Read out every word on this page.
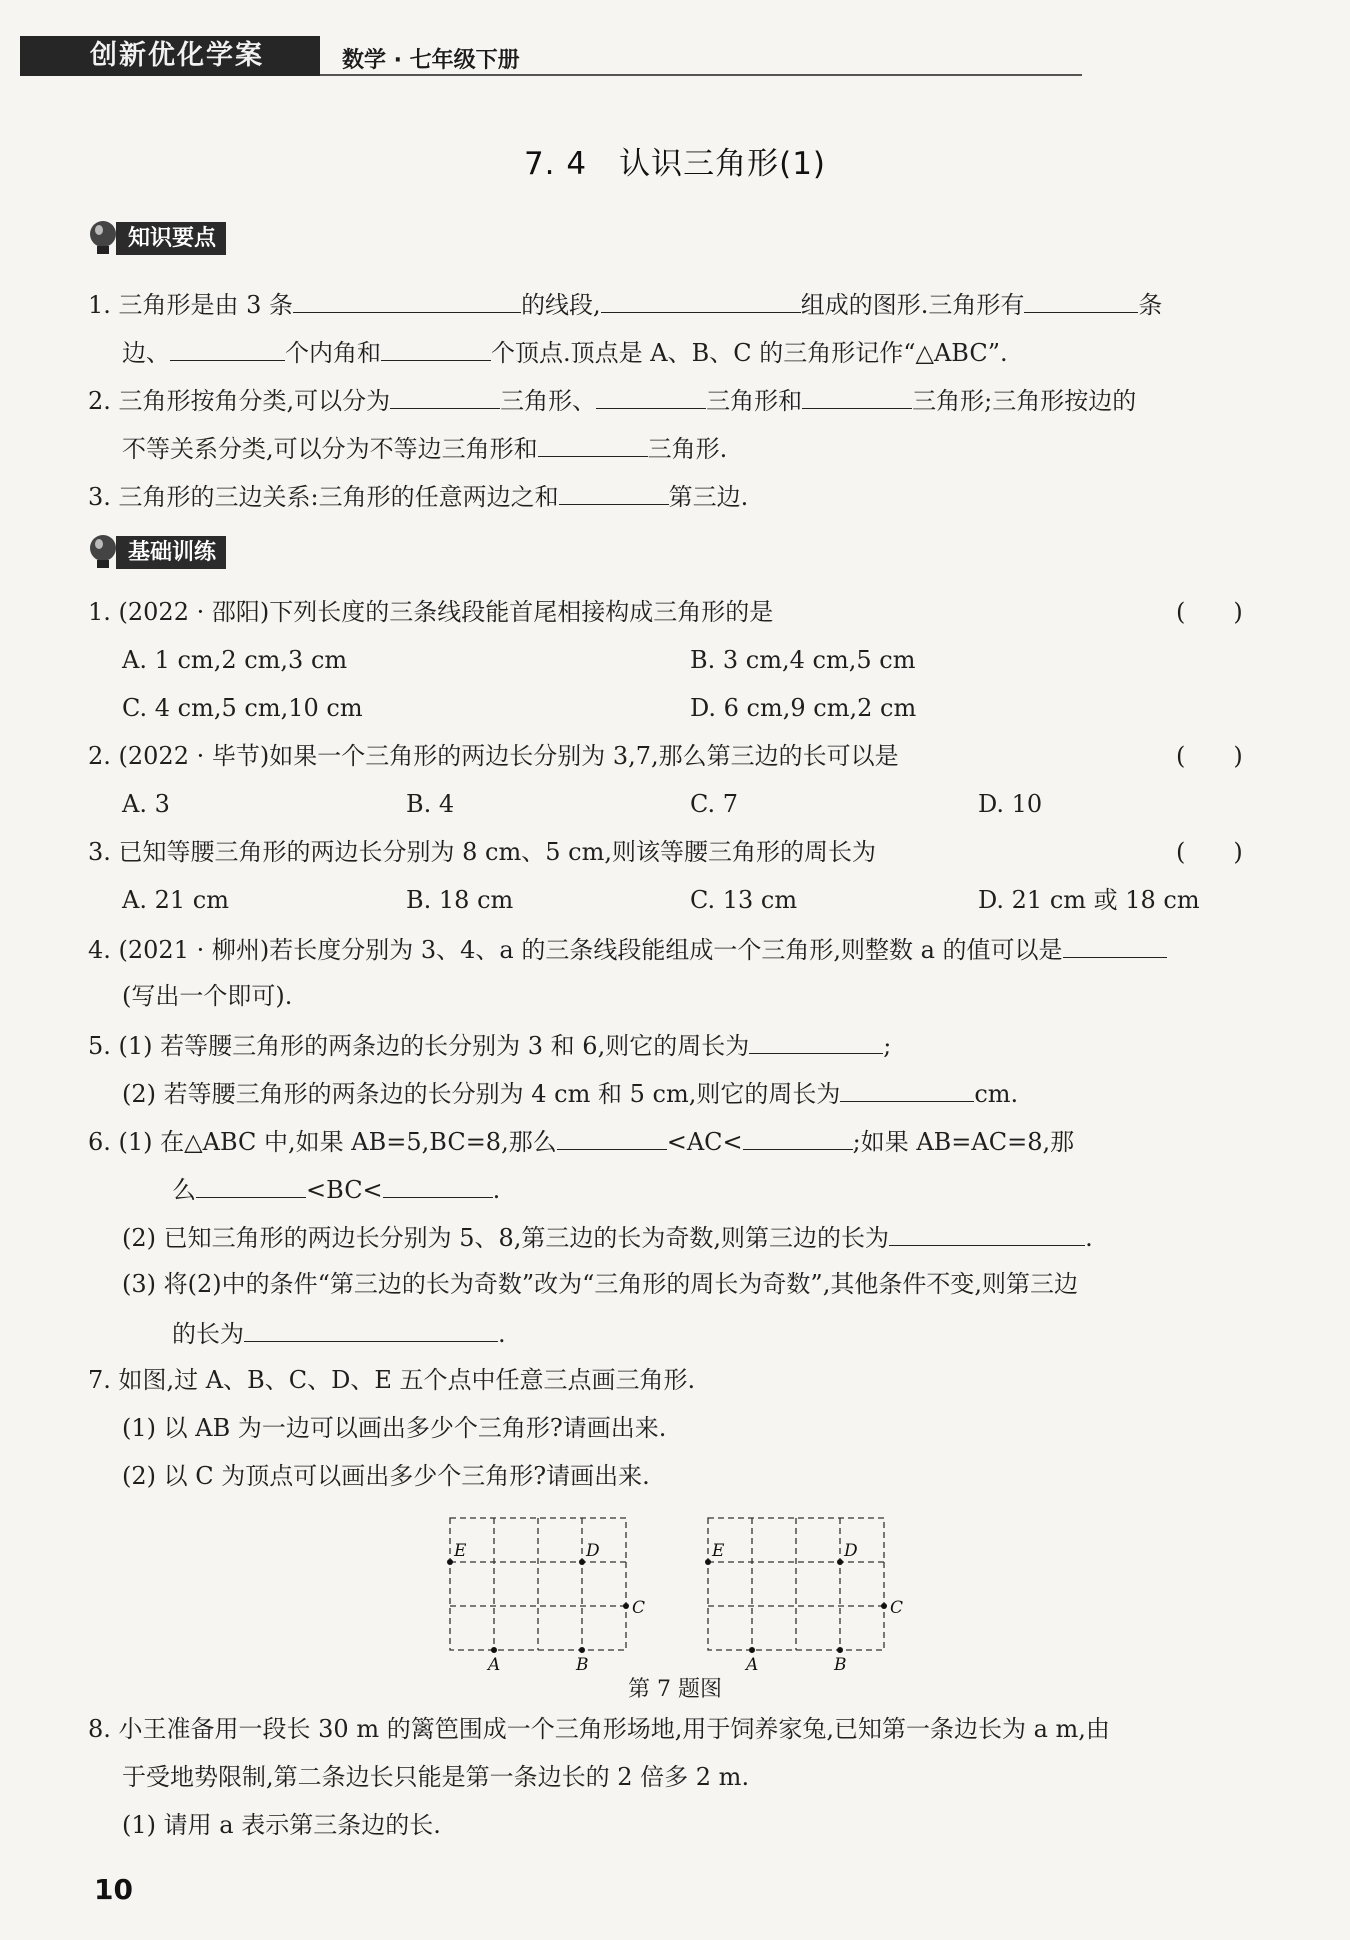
创新优化学案	数学 · 七年级下册
7. 4　认识三角形(1)
知识要点
1. 三角形是由 3 条	的线段,	组成的图形.三角形有	条
边、	个内角和	个顶点.顶点是 A、B、C 的三角形记作“△ABC”.
2. 三角形按角分类,可以分为	三角形、	三角形和	三角形;三角形按边的
不等关系分类,可以分为不等边三角形和	三角形.
3. 三角形的三边关系:三角形的任意两边之和	第三边.
基础训练
1. (2022 · 邵阳)下列长度的三条线段能首尾相接构成三角形的是	(　　)
A. 1 cm,2 cm,3 cm	B. 3 cm,4 cm,5 cm
C. 4 cm,5 cm,10 cm	D. 6 cm,9 cm,2 cm
2. (2022 · 毕节)如果一个三角形的两边长分别为 3,7,那么第三边的长可以是	(　　)
A. 3	B. 4	C. 7	D. 10
3. 已知等腰三角形的两边长分别为 8 cm、5 cm,则该等腰三角形的周长为	(　　)
A. 21 cm	B. 18 cm	C. 13 cm	D. 21 cm 或 18 cm
4. (2021 · 柳州)若长度分别为 3、4、a 的三条线段能组成一个三角形,则整数 a 的值可以是
(写出一个即可).
5. (1) 若等腰三角形的两条边的长分别为 3 和 6,则它的周长为	;
(2) 若等腰三角形的两条边的长分别为 4 cm 和 5 cm,则它的周长为	cm.
6. (1) 在△ABC 中,如果 AB=5,BC=8,那么	<AC<	;如果 AB=AC=8,那
么	<BC<	.
(2) 已知三角形的两边长分别为 5、8,第三边的长为奇数,则第三边的长为	.
(3) 将(2)中的条件“第三边的长为奇数”改为“三角形的周长为奇数”,其他条件不变,则第三边
的长为	.
7. 如图,过 A、B、C、D、E 五个点中任意三点画三角形.
(1) 以 AB 为一边可以画出多少个三角形?请画出来.
(2) 以 C 为顶点可以画出多少个三角形?请画出来.
E	D
C
A	B
E	D
C
A	B
第 7 题图
8. 小王准备用一段长 30 m 的篱笆围成一个三角形场地,用于饲养家兔,已知第一条边长为 a m,由
于受地势限制,第二条边长只能是第一条边长的 2 倍多 2 m.
(1) 请用 a 表示第三条边的长.
10
